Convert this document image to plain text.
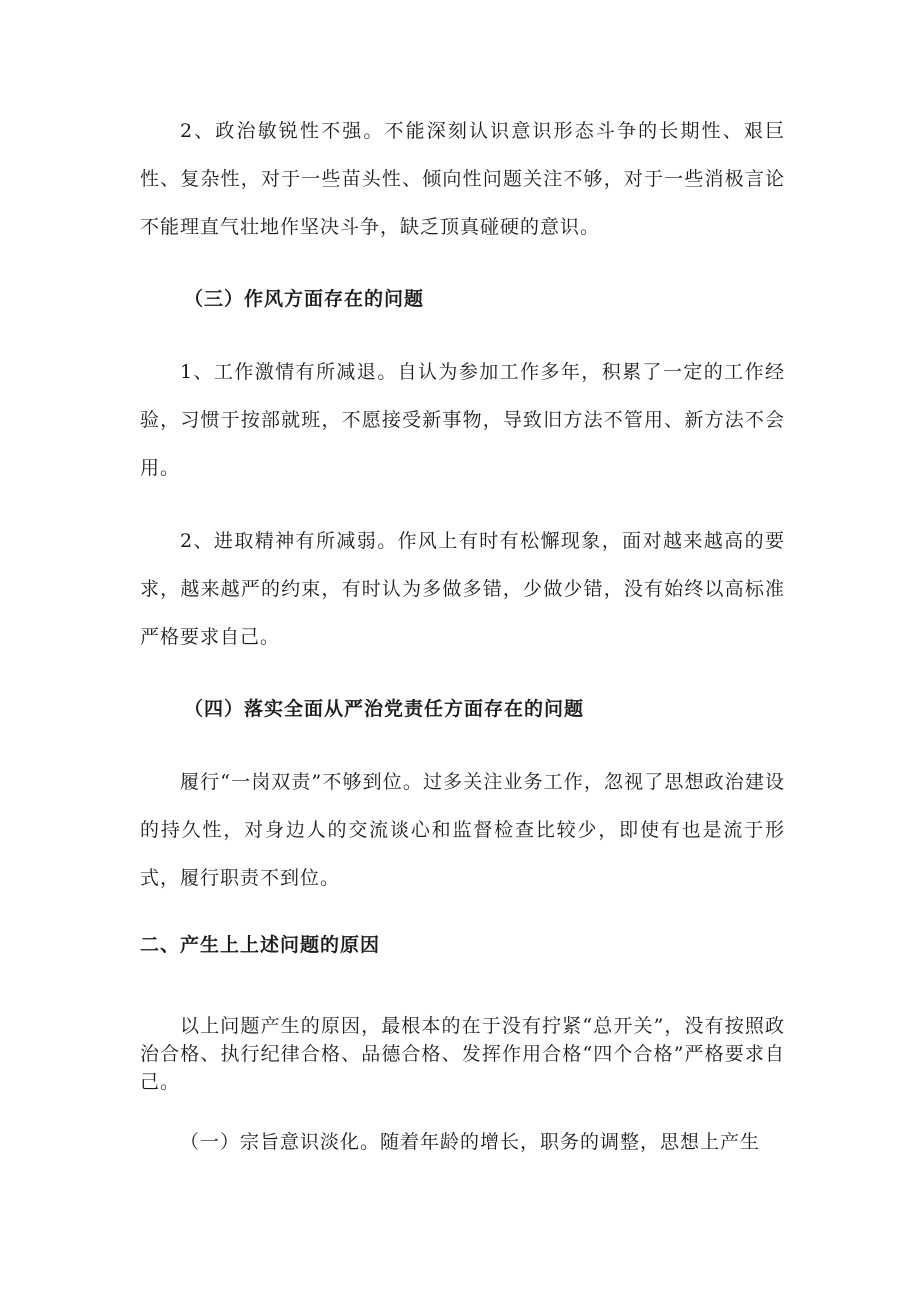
2、政治敏锐性不强。不能深刻认识意识形态斗争的长期性、艰巨性、复杂性，对于一些苗头性、倾向性问题关注不够，对于一些消极言论不能理直气壮地作坚决斗争，缺乏顶真碰硬的意识。

（三）作风方面存在的问题

1、工作激情有所减退。自认为参加工作多年，积累了一定的工作经验，习惯于按部就班，不愿接受新事物，导致旧方法不管用、新方法不会用。

2、进取精神有所减弱。作风上有时有松懈现象，面对越来越高的要求，越来越严的约束，有时认为多做多错，少做少错，没有始终以高标准严格要求自己。

（四）落实全面从严治党责任方面存在的问题

履行“一岗双责”不够到位。过多关注业务工作，忽视了思想政治建设的持久性，对身边人的交流谈心和监督检查比较少，即使有也是流于形式，履行职责不到位。

二、产生上上述问题的原因

以上问题产生的原因，最根本的在于没有拧紧“总开关”，没有按照政治合格、执行纪律合格、品德合格、发挥作用合格“四个合格”严格要求自己。

（一）宗旨意识淡化。随着年龄的增长，职务的调整，思想上产生
